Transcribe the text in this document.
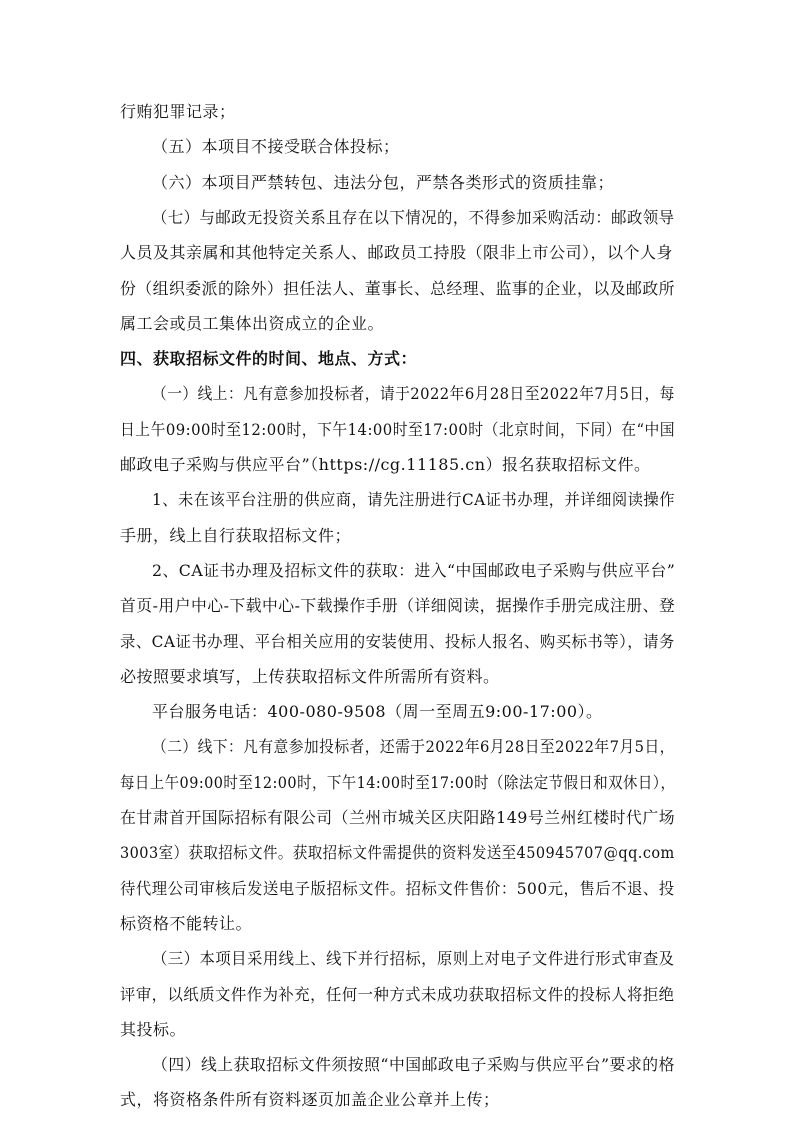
行贿犯罪记录；
（五）本项目不接受联合体投标；
（六）本项目严禁转包、违法分包，严禁各类形式的资质挂靠；
（七）与邮政无投资关系且存在以下情况的，不得参加采购活动：邮政领导
人员及其亲属和其他特定关系人、邮政员工持股（限非上市公司），以个人身
份（组织委派的除外）担任法人、董事长、总经理、监事的企业，以及邮政所
属工会或员工集体出资成立的企业。
四、获取招标文件的时间、地点、方式：
（一）线上：凡有意参加投标者，请于2022年6月28日至2022年7月5日，每
日上午09:00时至12:00时，下午14:00时至17:00时（北京时间，下同）在“中国
邮政电子采购与供应平台”（https://cg.11185.cn）报名获取招标文件。
1、未在该平台注册的供应商，请先注册进行CA证书办理，并详细阅读操作
手册，线上自行获取招标文件；
2、CA证书办理及招标文件的获取：进入“中国邮政电子采购与供应平台”
首页-用户中心-下载中心-下载操作手册（详细阅读，据操作手册完成注册、登
录、CA证书办理、平台相关应用的安装使用、投标人报名、购买标书等），请务
必按照要求填写，上传获取招标文件所需所有资料。
平台服务电话：400-080-9508（周一至周五9:00-17:00）。
（二）线下：凡有意参加投标者，还需于2022年6月28日至2022年7月5日，
每日上午09:00时至12:00时，下午14:00时至17:00时（除法定节假日和双休日），
在甘肃首开国际招标有限公司（兰州市城关区庆阳路149号兰州红楼时代广场
3003室）获取招标文件。获取招标文件需提供的资料发送至450945707@qq.com
待代理公司审核后发送电子版招标文件。招标文件售价：500元，售后不退、投
标资格不能转让。
（三）本项目采用线上、线下并行招标，原则上对电子文件进行形式审查及
评审，以纸质文件作为补充，任何一种方式未成功获取招标文件的投标人将拒绝
其投标。
（四）线上获取招标文件须按照“中国邮政电子采购与供应平台”要求的格
式，将资格条件所有资料逐页加盖企业公章并上传；
